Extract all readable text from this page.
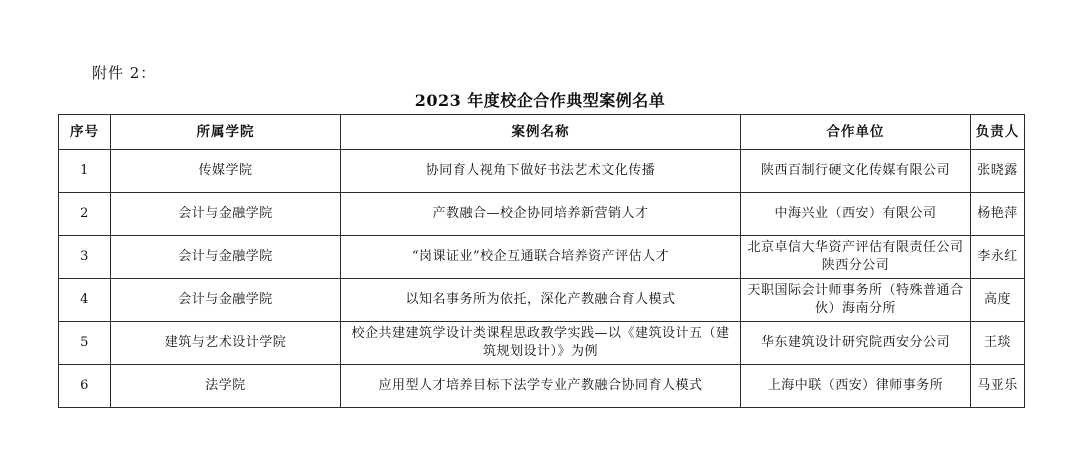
附件 2：
2023 年度校企合作典型案例名单
序号	所属学院	案例名称	合作单位	负责人
1	传媒学院	协同育人视角下做好书法艺术文化传播	陕西百制行硬文化传媒有限公司	张晓露
2	会计与金融学院	产教融合—校企协同培养新营销人才	中海兴业（西安）有限公司	杨艳萍
3	会计与金融学院	“岗课证业”校企互通联合培养资产评估人才	北京卓信大华资产评估有限责任公司陕西分公司	李永红
4	会计与金融学院	以知名事务所为依托，深化产教融合育人模式	天职国际会计师事务所（特殊普通合伙）海南分所	高度
5	建筑与艺术设计学院	校企共建建筑学设计类课程思政教学实践—以《建筑设计五（建筑规划设计）》为例	华东建筑设计研究院西安分公司	王琰
6	法学院	应用型人才培养目标下法学专业产教融合协同育人模式	上海中联（西安）律师事务所	马亚乐
